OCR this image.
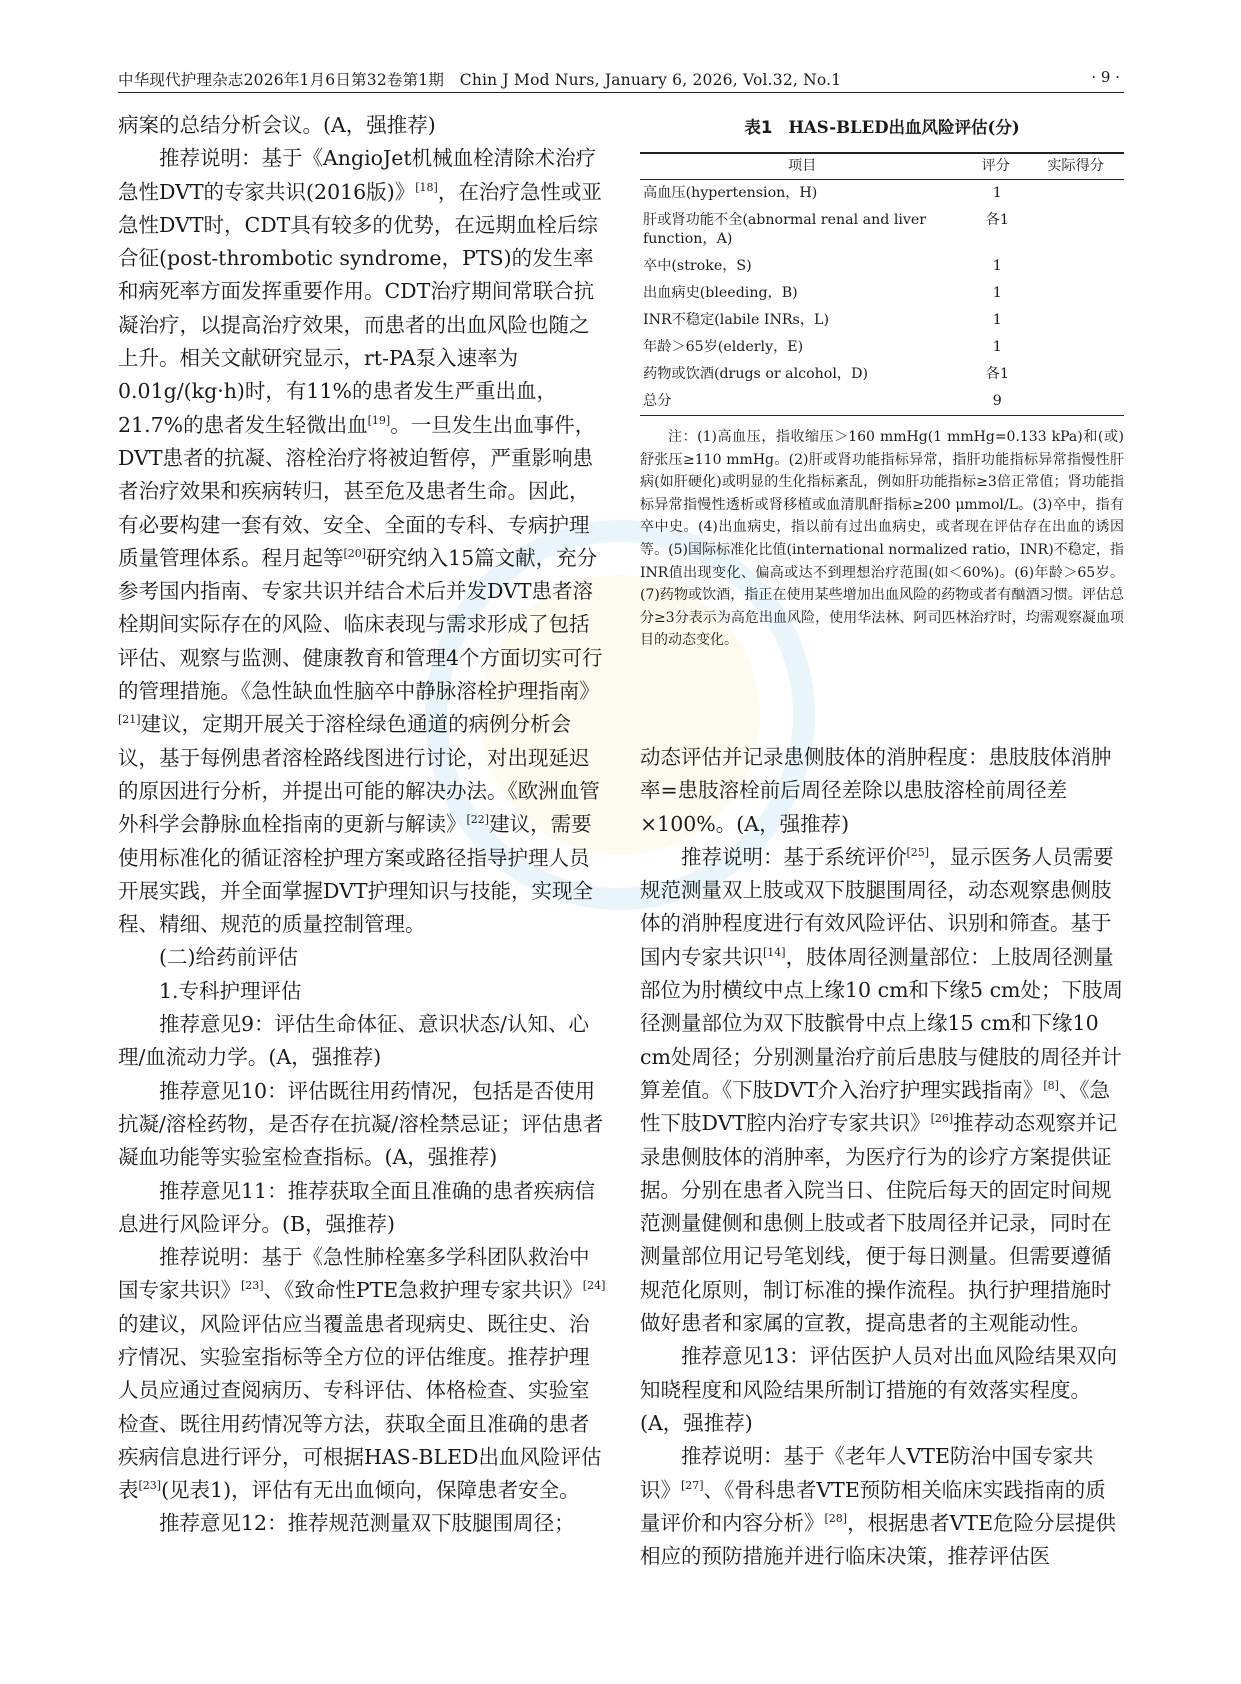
中华现代护理杂志2026年1月6日第32卷第1期　Chin J Mod Nurs, January 6, 2026, Vol.32, No.1	· 9 ·

病案的总结分析会议。(A，强推荐)

推荐说明：基于《AngioJet机械血栓清除术治疗急性DVT的专家共识(2016版)》[18]，在治疗急性或亚急性DVT时，CDT具有较多的优势，在远期血栓后综合征(post-thrombotic syndrome，PTS)的发生率和病死率方面发挥重要作用。CDT治疗期间常联合抗凝治疗，以提高治疗效果，而患者的出血风险也随之上升。相关文献研究显示，rt-PA泵入速率为0.01g/(kg·h)时，有11%的患者发生严重出血，21.7%的患者发生轻微出血[19]。一旦发生出血事件，DVT患者的抗凝、溶栓治疗将被迫暂停，严重影响患者治疗效果和疾病转归，甚至危及患者生命。因此，有必要构建一套有效、安全、全面的专科、专病护理质量管理体系。程月起等[20]研究纳入15篇文献，充分参考国内指南、专家共识并结合术后并发DVT患者溶栓期间实际存在的风险、临床表现与需求形成了包括评估、观察与监测、健康教育和管理4个方面切实可行的管理措施。《急性缺血性脑卒中静脉溶栓护理指南》[21]建议，定期开展关于溶栓绿色通道的病例分析会议，基于每例患者溶栓路线图进行讨论，对出现延迟的原因进行分析，并提出可能的解决办法。《欧洲血管外科学会静脉血栓指南的更新与解读》[22]建议，需要使用标准化的循证溶栓护理方案或路径指导护理人员开展实践，并全面掌握DVT护理知识与技能，实现全程、精细、规范的质量控制管理。

(二)给药前评估

1.专科护理评估

推荐意见9：评估生命体征、意识状态/认知、心理/血流动力学。(A，强推荐)

推荐意见10：评估既往用药情况，包括是否使用抗凝/溶栓药物，是否存在抗凝/溶栓禁忌证；评估患者凝血功能等实验室检查指标。(A，强推荐)

推荐意见11：推荐获取全面且准确的患者疾病信息进行风险评分。(B，强推荐)

推荐说明：基于《急性肺栓塞多学科团队救治中国专家共识》[23]、《致命性PTE急救护理专家共识》[24]的建议，风险评估应当覆盖患者现病史、既往史、治疗情况、实验室指标等全方位的评估维度。推荐护理人员应通过查阅病历、专科评估、体格检查、实验室检查、既往用药情况等方法，获取全面且准确的患者疾病信息进行评分，可根据HAS-BLED出血风险评估表[23](见表1)，评估有无出血倾向，保障患者安全。

推荐意见12：推荐规范测量双下肢腿围周径；

表1 HAS-BLED出血风险评估(分)
项目	评分	实际得分
高血压(hypertension，H)	1	
肝或肾功能不全(abnormal renal and liver function，A)	各1	
卒中(stroke，S)	1	
出血病史(bleeding，B)	1	
INR不稳定(labile INRs，L)	1	
年龄＞65岁(elderly，E)	1	
药物或饮酒(drugs or alcohol，D)	各1	
总分	9	

注：(1)高血压，指收缩压＞160 mmHg(1 mmHg=0.133 kPa)和(或)舒张压≥110 mmHg。(2)肝或肾功能指标异常，指肝功能指标异常指慢性肝病(如肝硬化)或明显的生化指标紊乱，例如肝功能指标≥3倍正常值；肾功能指标异常指慢性透析或肾移植或血清肌酐指标≥200 μmmol/L。(3)卒中，指有卒中史。(4)出血病史，指以前有过出血病史，或者现在评估存在出血的诱因等。(5)国际标准化比值(international normalized ratio，INR)不稳定，指INR值出现变化、偏高或达不到理想治疗范围(如＜60%)。(6)年龄＞65岁。(7)药物或饮酒，指正在使用某些增加出血风险的药物或者有酗酒习惯。评估总分≥3分表示为高危出血风险，使用华法林、阿司匹林治疗时，均需观察凝血项目的动态变化。

动态评估并记录患侧肢体的消肿程度：患肢肢体消肿率=患肢溶栓前后周径差除以患肢溶栓前周径差×100%。(A，强推荐)

推荐说明：基于系统评价[25]，显示医务人员需要规范测量双上肢或双下肢腿围周径，动态观察患侧肢体的消肿程度进行有效风险评估、识别和筛查。基于国内专家共识[14]，肢体周径测量部位：上肢周径测量部位为肘横纹中点上缘10 cm和下缘5 cm处；下肢周径测量部位为双下肢髌骨中点上缘15 cm和下缘10 cm处周径；分别测量治疗前后患肢与健肢的周径并计算差值。《下肢DVT介入治疗护理实践指南》[8]、《急性下肢DVT腔内治疗专家共识》[26]推荐动态观察并记录患侧肢体的消肿率，为医疗行为的诊疗方案提供证据。分别在患者入院当日、住院后每天的固定时间规范测量健侧和患侧上肢或者下肢周径并记录，同时在测量部位用记号笔划线，便于每日测量。但需要遵循规范化原则，制订标准的操作流程。执行护理措施时做好患者和家属的宣教，提高患者的主观能动性。

推荐意见13：评估医护人员对出血风险结果双向知晓程度和风险结果所制订措施的有效落实程度。(A，强推荐)

推荐说明：基于《老年人VTE防治中国专家共识》[27]、《骨科患者VTE预防相关临床实践指南的质量评价和内容分析》[28]，根据患者VTE危险分层提供相应的预防措施并进行临床决策，推荐评估医
